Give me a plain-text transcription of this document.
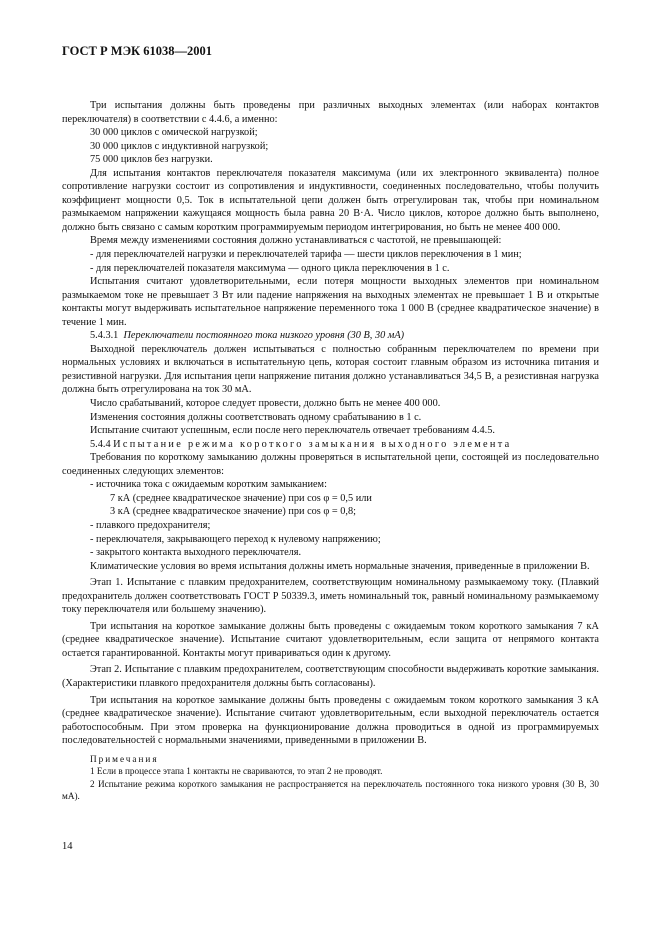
ГОСТ Р МЭК 61038—2001

Три испытания должны быть проведены при различных выходных элементах (или наборах контактов переключателя) в соответствии с 4.4.6, а именно:

30 000 циклов с омической нагрузкой;

30 000 циклов с индуктивной нагрузкой;

75 000 циклов без нагрузки.

Для испытания контактов переключателя показателя максимума (или их электронного эквивалента) полное сопротивление нагрузки состоит из сопротивления и индуктивности, соединенных последовательно, чтобы получить коэффициент мощности 0,5. Ток в испытательной цепи должен быть отрегулирован так, чтобы при номинальном размыкаемом напряжении кажущаяся мощность была равна 20 В·А. Число циклов, которое должно быть выполнено, должно быть связано с самым коротким программируемым периодом интегрирования, но быть не менее 400 000.

Время между изменениями состояния должно устанавливаться с частотой, не превышающей:

- для переключателей нагрузки и переключателей тарифа — шести циклов переключения в 1 мин;

- для переключателей показателя максимума — одного цикла переключения в 1 с.

Испытания считают удовлетворительными, если потеря мощности выходных элементов при номинальном размыкаемом токе не превышает 3 Вт или падение напряжения на выходных элементах не превышает 1 В и открытые контакты могут выдерживать испытательное напряжение переменного тока 1 000 В (среднее квадратическое значение) в течение 1 мин.

5.4.3.1 Переключатели постоянного тока низкого уровня (30 В, 30 мА)

Выходной переключатель должен испытываться с полностью собранным переключателем по времени при нормальных условиях и включаться в испытательную цепь, которая состоит главным образом из источника питания и резистивной нагрузки. Для испытания цепи напряжение питания должно устанавливаться 34,5 В, а резистивная нагрузка должна быть отрегулирована на ток 30 мА.

Число срабатываний, которое следует провести, должно быть не менее 400 000.

Изменения состояния должны соответствовать одному срабатыванию в 1 с.

Испытание считают успешным, если после него переключатель отвечает требованиям 4.4.5.

5.4.4 Испытание режима короткого замыкания выходного элемента

Требования по короткому замыканию должны проверяться в испытательной цепи, состоящей из последовательно соединенных следующих элементов:

- источника тока с ожидаемым коротким замыканием:

7 кА (среднее квадратическое значение) при cos φ = 0,5 или

3 кА (среднее квадратическое значение) при cos φ = 0,8;

- плавкого предохранителя;

- переключателя, закрывающего переход к нулевому напряжению;

- закрытого контакта выходного переключателя.

Климатические условия во время испытания должны иметь нормальные значения, приведенные в приложении В.

Этап 1. Испытание с плавким предохранителем, соответствующим номинальному размыкаемому току. (Плавкий предохранитель должен соответствовать ГОСТ Р 50339.3, иметь номинальный ток, равный номинальному размыкаемому току переключателя или большему значению).

Три испытания на короткое замыкание должны быть проведены с ожидаемым током короткого замыкания 7 кА (среднее квадратическое значение). Испытание считают удовлетворительным, если защита от непрямого контакта остается гарантированной. Контакты могут привариваться один к другому.

Этап 2. Испытание с плавким предохранителем, соответствующим способности выдерживать короткие замыкания. (Характеристики плавкого предохранителя должны быть согласованы).

Три испытания на короткое замыкание должны быть проведены с ожидаемым током короткого замыкания 3 кА (среднее квадратическое значение). Испытание считают удовлетворительным, если выходной переключатель остается работоспособным. При этом проверка на функционирование должна проводиться в одной из программируемых последовательностей с нормальными значениями, приведенными в приложении В.

Примечания

1 Если в процессе этапа 1 контакты не свариваются, то этап 2 не проводят.

2 Испытание режима короткого замыкания не распространяется на переключатель постоянного тока низкого уровня (30 В, 30 мА).

14
